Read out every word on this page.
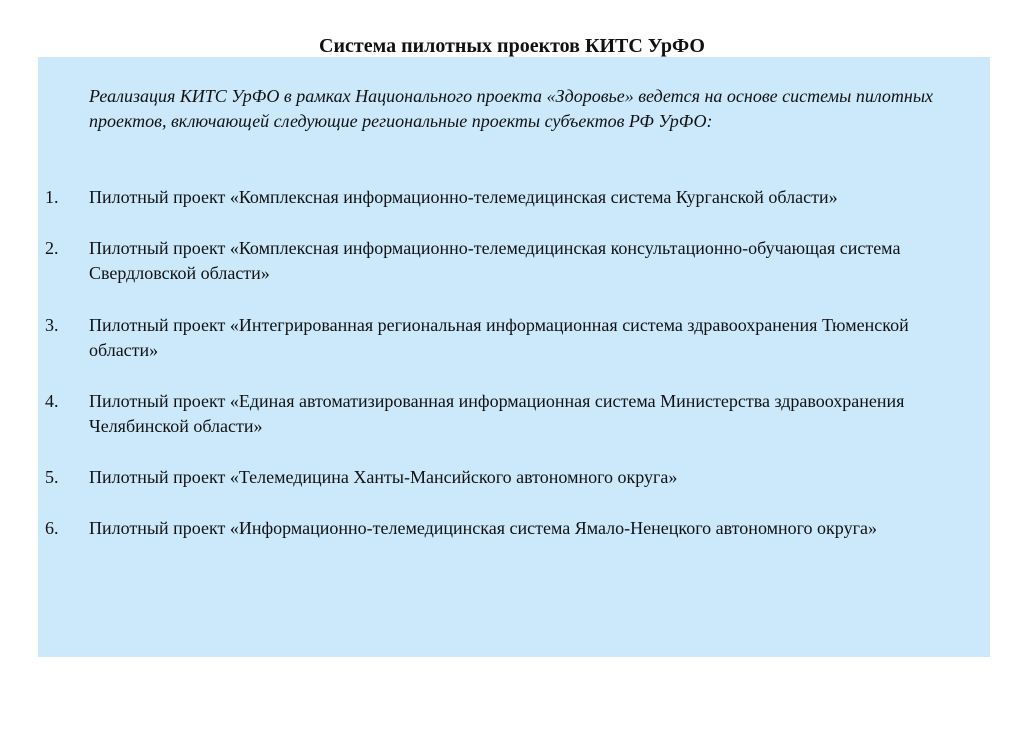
Система пилотных проектов КИТС УрФО
Реализация КИТС УрФО в рамках Национального проекта «Здоровье» ведется на основе системы пилотных проектов, включающей следующие региональные проекты субъектов РФ УрФО:
1.	Пилотный проект «Комплексная информационно-телемедицинская система Курганской области»
2.	Пилотный проект «Комплексная информационно-телемедицинская консультационно-обучающая система Свердловской области»
3.	Пилотный проект «Интегрированная региональная информационная система здравоохранения Тюменской области»
4.	Пилотный проект «Единая автоматизированная информационная система Министерства здравоохранения Челябинской области»
5.	Пилотный проект «Телемедицина Ханты-Мансийского автономного округа»
6.	Пилотный проект «Информационно-телемедицинская система Ямало-Ненецкого автономного округа»
